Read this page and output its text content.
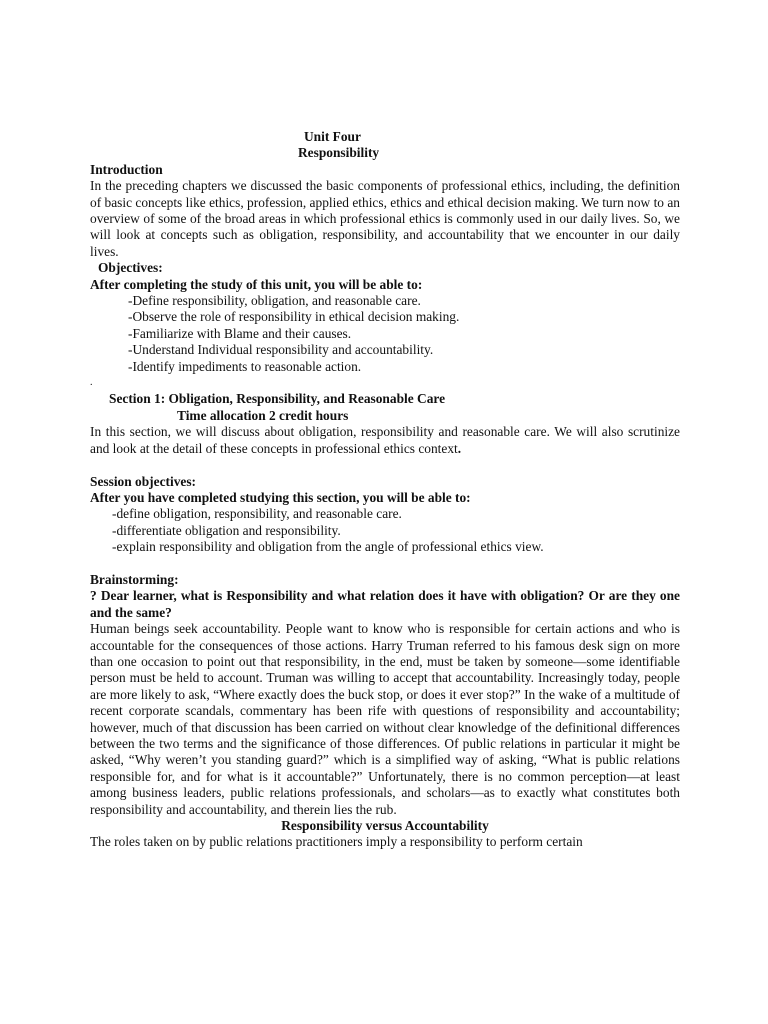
Unit Four

Responsibility

Introduction

In the preceding chapters we discussed the basic components of professional ethics, including, the definition of basic concepts like ethics, profession, applied ethics, ethics and ethical decision making. We turn now to an overview of some of the broad areas in which professional ethics is commonly used in our daily lives. So, we will look at concepts such as obligation, responsibility, and accountability that we encounter in our daily lives.

Objectives:

After completing the study of this unit, you will be able to:

-Define responsibility, obligation, and reasonable care.

-Observe the role of responsibility in ethical decision making.

-Familiarize with Blame and their causes.

-Understand Individual responsibility and accountability.

-Identify impediments to reasonable action.

.

Section 1: Obligation, Responsibility, and Reasonable Care

Time allocation 2 credit hours

In this section, we will discuss about obligation, responsibility and reasonable care. We will also scrutinize and look at the detail of these concepts in professional ethics context.

Session objectives:

After you have completed studying this section, you will be able to:

-define obligation, responsibility, and reasonable care.

-differentiate obligation and responsibility.

-explain responsibility and obligation from the angle of professional ethics view.

Brainstorming:

? Dear learner, what is Responsibility and what relation does it have with obligation? Or are they one and the same?

Human beings seek accountability. People want to know who is responsible for certain actions and who is accountable for the consequences of those actions. Harry Truman referred to his famous desk sign on more than one occasion to point out that responsibility, in the end, must be taken by someone—some identifiable person must be held to account. Truman was willing to accept that accountability. Increasingly today, people are more likely to ask, “Where exactly does the buck stop, or does it ever stop?” In the wake of a multitude of recent corporate scandals, commentary has been rife with questions of responsibility and accountability; however, much of that discussion has been carried on without clear knowledge of the definitional differences between the two terms and the significance of those differences. Of public relations in particular it might be asked, “Why weren’t you standing guard?” which is a simplified way of asking, “What is public relations responsible for, and for what is it accountable?” Unfortunately, there is no common perception—at least among business leaders, public relations professionals, and scholars—as to exactly what constitutes both responsibility and accountability, and therein lies the rub.

Responsibility versus Accountability

The roles taken on by public relations practitioners imply a responsibility to perform certain
